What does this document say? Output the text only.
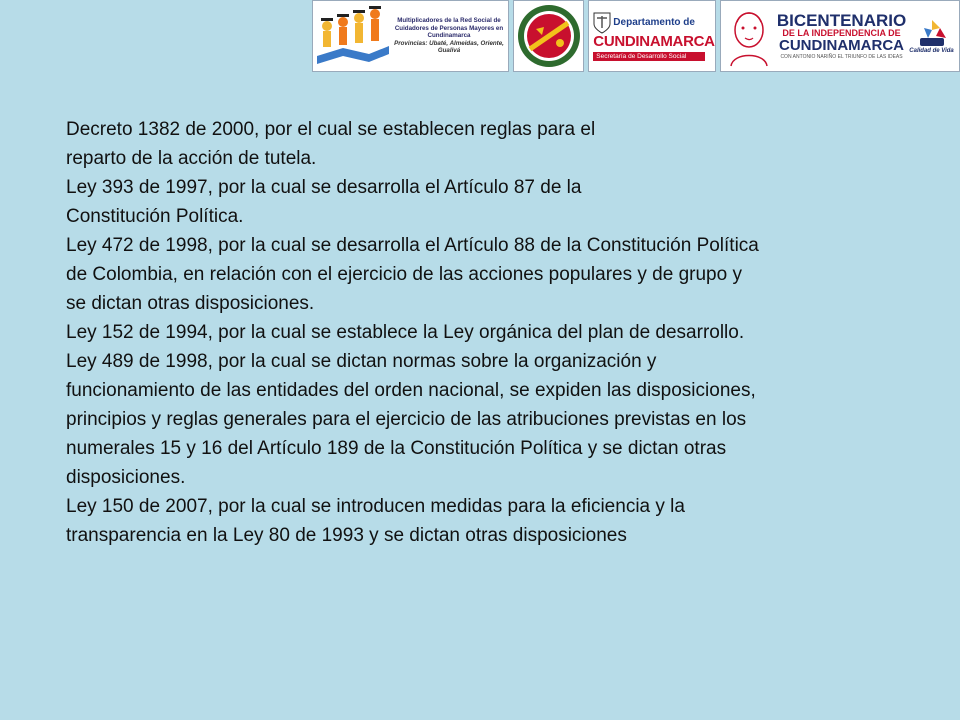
Multiplicadores de la Red Social de
Cuidadores de Personas Mayores en
Cundinamarca
Provincias: Ubaté, Almeidas, Oriente, Gualivá
Departamento de
CUNDINAMARCA
Secretaría de Desarrollo Social
BICENTENARIO
DE LA INDEPENDENCIA DE
CUNDINAMARCA
CON ANTONIO NARIÑO EL TRIUNFO DE LAS IDEAS
Calidad de Vida

Decreto 1382 de 2000, por el cual se establecen reglas para el

reparto de la acción de tutela.

Ley 393 de 1997, por la cual se desarrolla el Artículo 87 de la

Constitución Política.

Ley 472 de 1998, por la cual se desarrolla el Artículo 88 de la Constitución Política

de Colombia, en relación con el ejercicio de las acciones populares y de grupo y

se dictan otras disposiciones.

Ley 152 de 1994, por la cual se establece la Ley orgánica del plan de desarrollo.

Ley 489 de 1998, por la cual se dictan normas sobre la organización y

funcionamiento de las entidades del orden nacional, se expiden las disposiciones,

principios y reglas generales para el ejercicio de las atribuciones previstas en los

numerales 15 y 16 del Artículo 189 de la Constitución Política y se dictan otras

disposiciones.

Ley 150 de 2007, por la cual se introducen medidas para la eficiencia y la

transparencia en la Ley 80 de 1993 y se dictan otras disposiciones
